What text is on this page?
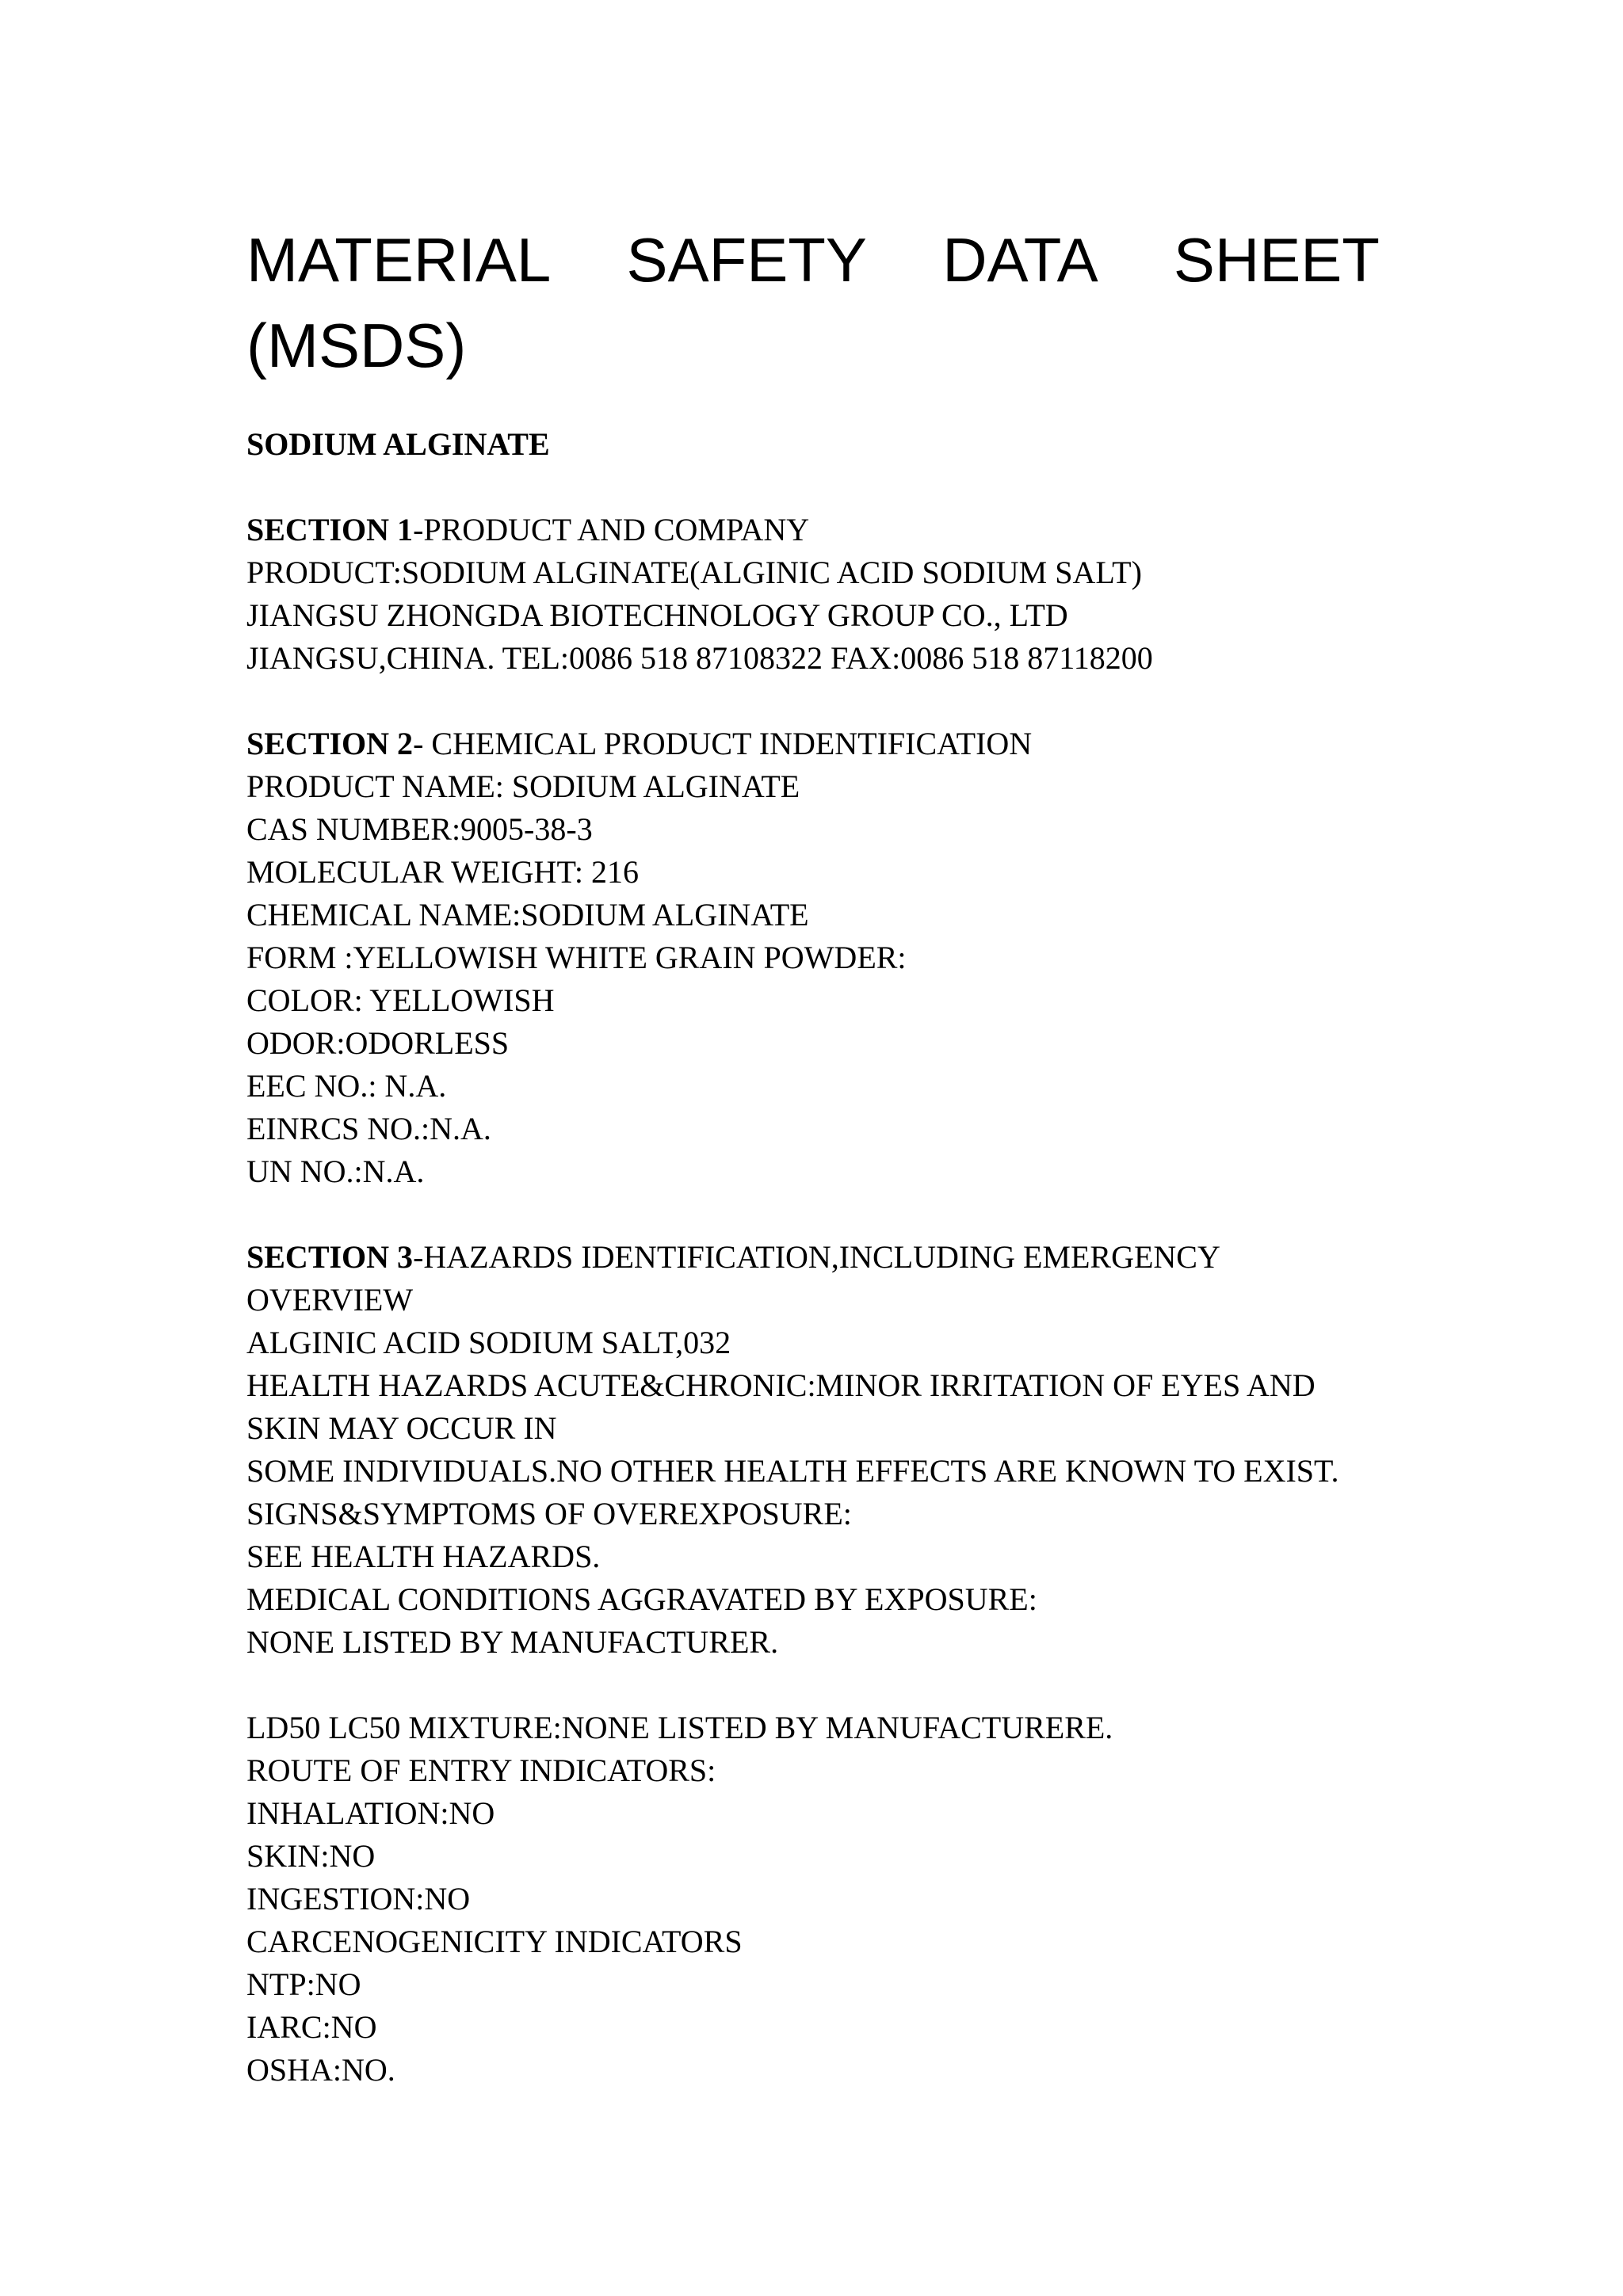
MATERIAL SAFETY DATA SHEET
(MSDS)

SODIUM ALGINATE

SECTION 1-PRODUCT AND COMPANY

PRODUCT:SODIUM ALGINATE(ALGINIC ACID SODIUM SALT)

JIANGSU ZHONGDA BIOTECHNOLOGY GROUP CO., LTD

JIANGSU,CHINA. TEL:0086 518 87108322 FAX:0086 518 87118200

SECTION 2- CHEMICAL PRODUCT INDENTIFICATION

PRODUCT NAME: SODIUM ALGINATE

CAS NUMBER:9005-38-3

MOLECULAR WEIGHT: 216

CHEMICAL NAME:SODIUM ALGINATE

FORM :YELLOWISH WHITE GRAIN POWDER:

COLOR: YELLOWISH

ODOR:ODORLESS

EEC NO.: N.A.

EINRCS NO.:N.A.

UN NO.:N.A.

SECTION 3-HAZARDS IDENTIFICATION,INCLUDING EMERGENCY

OVERVIEW

ALGINIC ACID SODIUM SALT,032

HEALTH HAZARDS ACUTE&CHRONIC:MINOR IRRITATION OF EYES AND

SKIN MAY OCCUR IN

SOME INDIVIDUALS.NO OTHER HEALTH EFFECTS ARE KNOWN TO EXIST.

SIGNS&SYMPTOMS OF OVEREXPOSURE:

SEE HEALTH HAZARDS.

MEDICAL CONDITIONS AGGRAVATED BY EXPOSURE:

NONE LISTED BY MANUFACTURER.

LD50 LC50 MIXTURE:NONE LISTED BY MANUFACTURERE.

ROUTE OF ENTRY INDICATORS:

INHALATION:NO

SKIN:NO

INGESTION:NO

CARCENOGENICITY INDICATORS

NTP:NO

IARC:NO

OSHA:NO.
